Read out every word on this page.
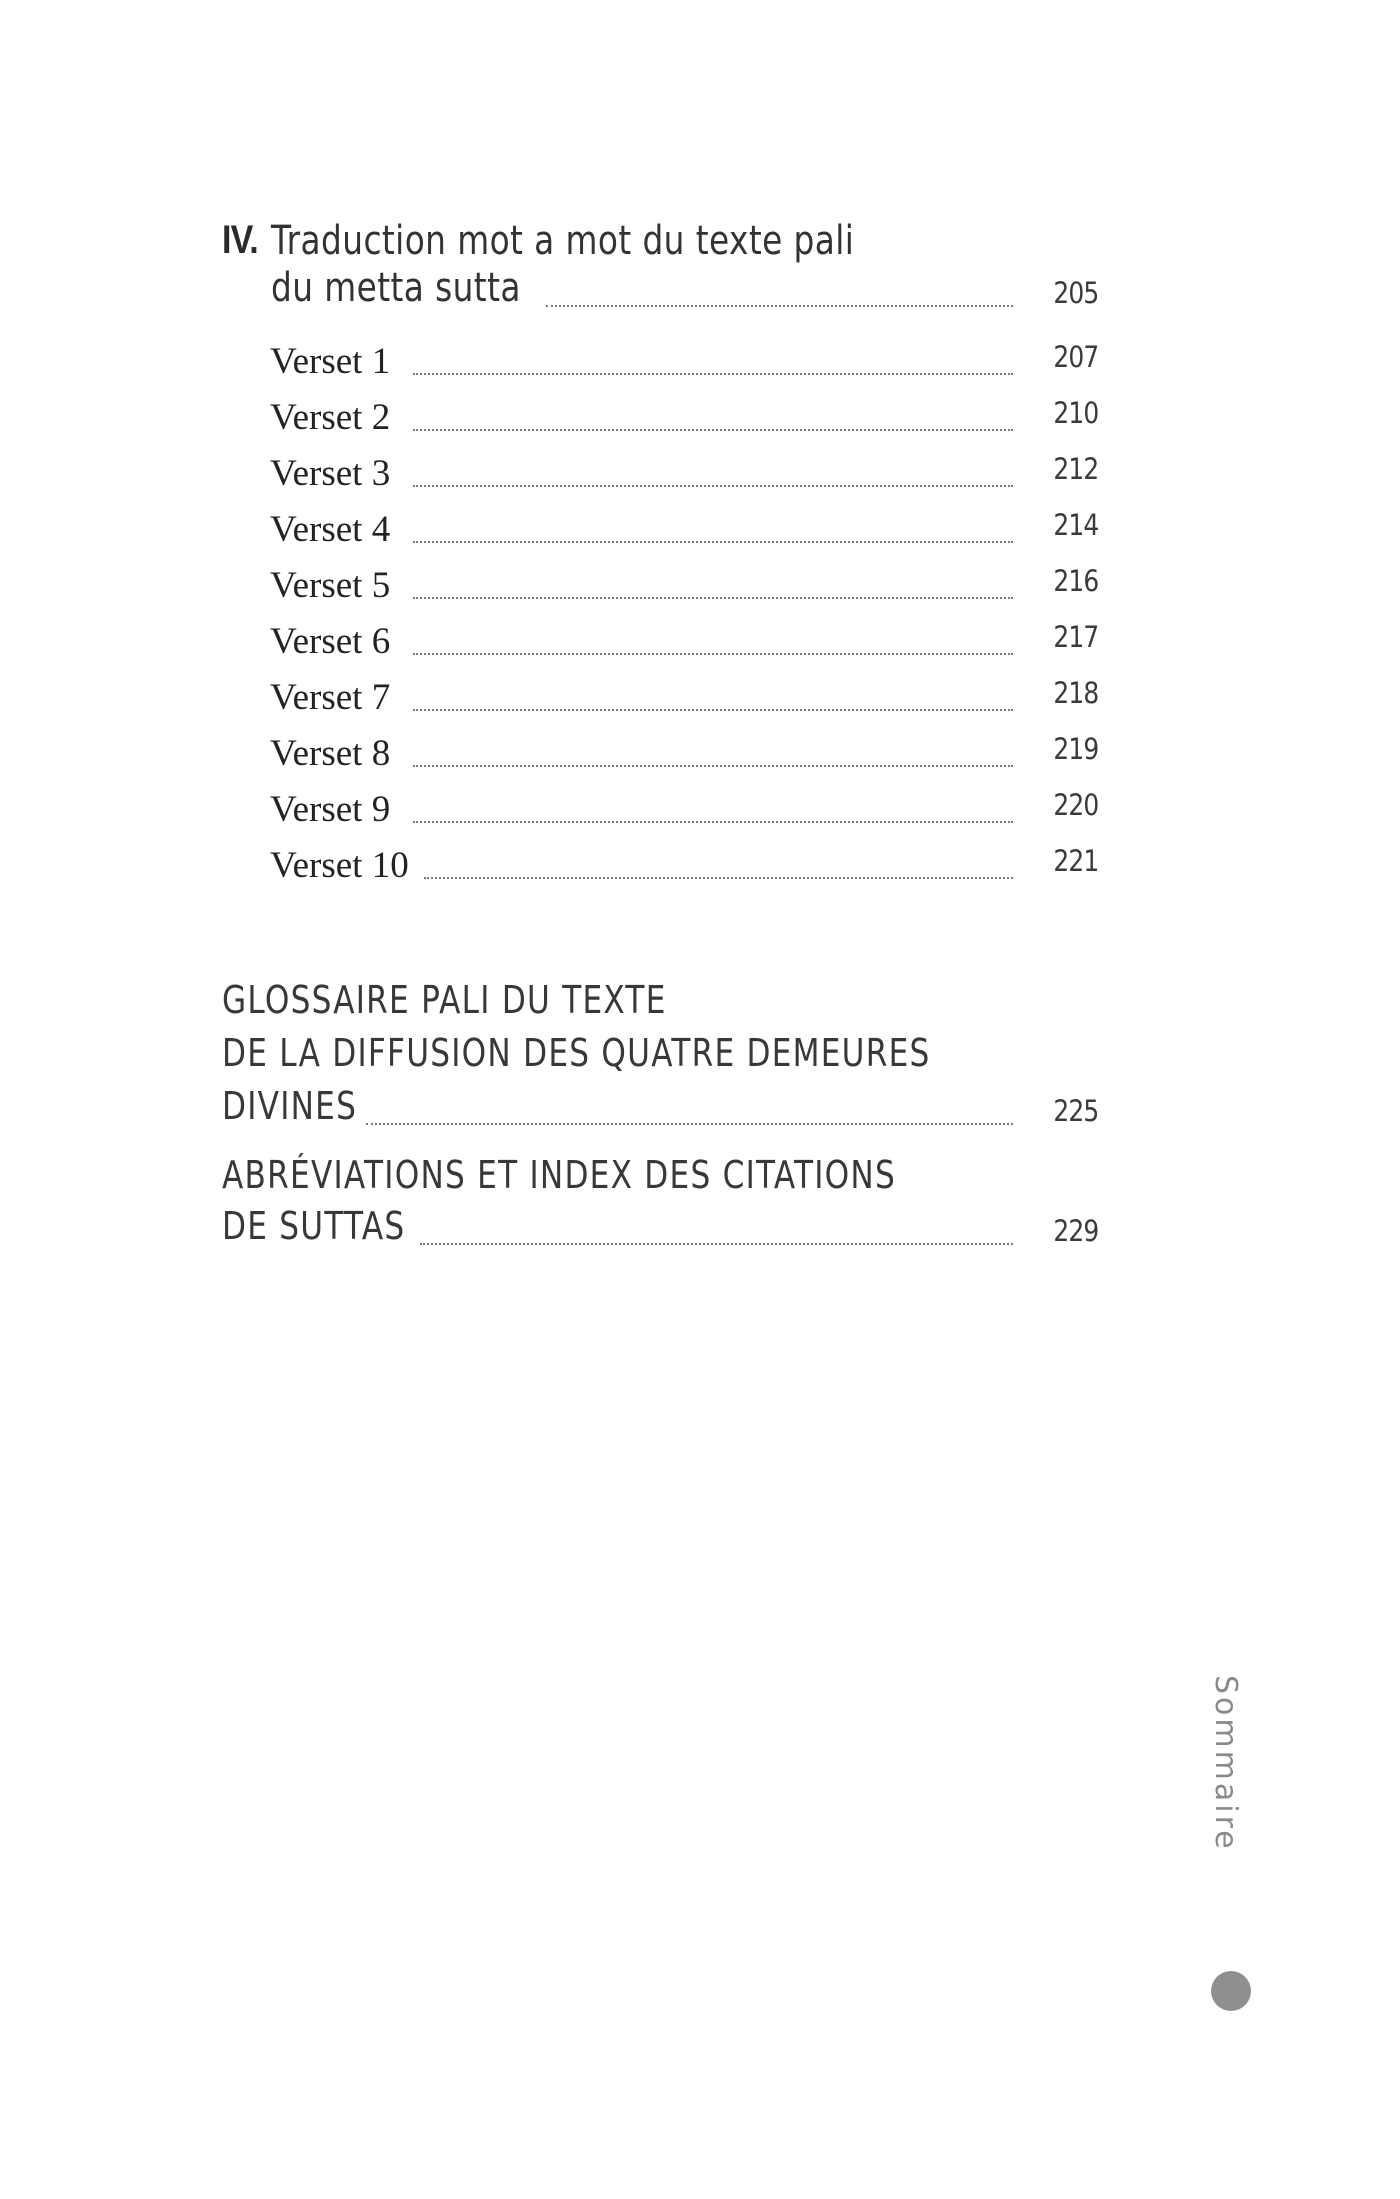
IV. Traduction mot a mot du texte pali
du metta sutta	205
Verset 1	207
Verset 2	210
Verset 3	212
Verset 4	214
Verset 5	216
Verset 6	217
Verset 7	218
Verset 8	219
Verset 9	220
Verset 10	221
GLOSSAIRE PALI DU TEXTE
DE LA DIFFUSION DES QUATRE DEMEURES
DIVINES	225
ABRÉVIATIONS ET INDEX DES CITATIONS
DE SUTTAS	229
Sommaire
